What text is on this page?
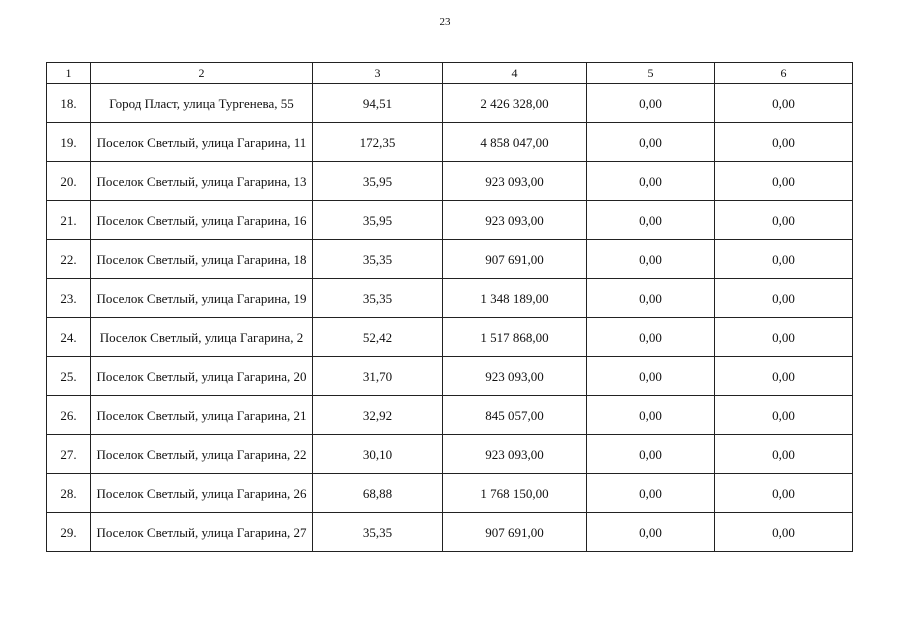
23
1	2	3	4	5	6
18.	Город Пласт, улица Тургенева, 55	94,51	2 426 328,00	0,00	0,00
19.	Поселок Светлый, улица Гагарина, 11	172,35	4 858 047,00	0,00	0,00
20.	Поселок Светлый, улица Гагарина, 13	35,95	923 093,00	0,00	0,00
21.	Поселок Светлый, улица Гагарина, 16	35,95	923 093,00	0,00	0,00
22.	Поселок Светлый, улица Гагарина, 18	35,35	907 691,00	0,00	0,00
23.	Поселок Светлый, улица Гагарина, 19	35,35	1 348 189,00	0,00	0,00
24.	Поселок Светлый, улица Гагарина, 2	52,42	1 517 868,00	0,00	0,00
25.	Поселок Светлый, улица Гагарина, 20	31,70	923 093,00	0,00	0,00
26.	Поселок Светлый, улица Гагарина, 21	32,92	845 057,00	0,00	0,00
27.	Поселок Светлый, улица Гагарина, 22	30,10	923 093,00	0,00	0,00
28.	Поселок Светлый, улица Гагарина, 26	68,88	1 768 150,00	0,00	0,00
29.	Поселок Светлый, улица Гагарина, 27	35,35	907 691,00	0,00	0,00
